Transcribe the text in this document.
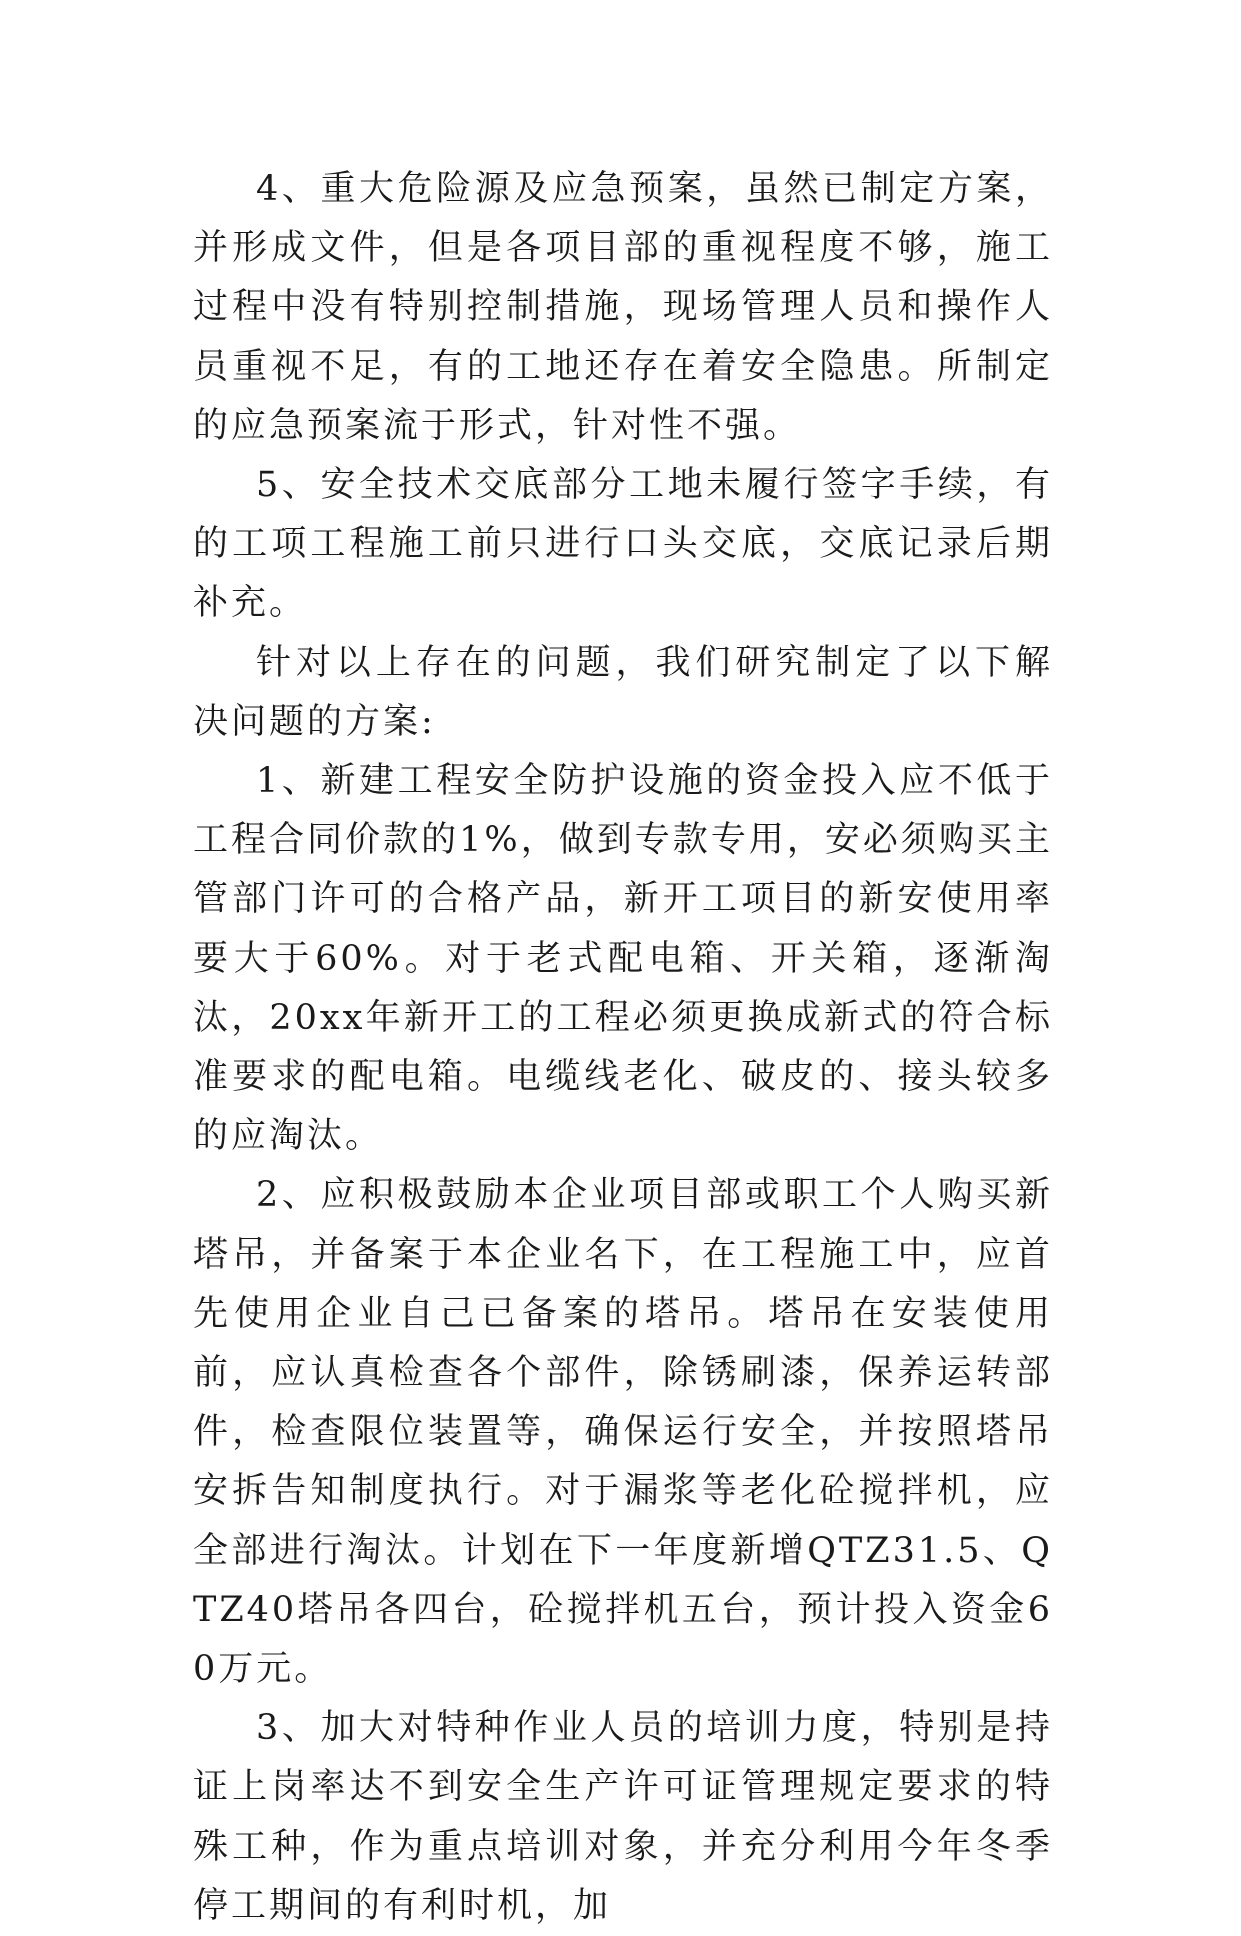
4、重大危险源及应急预案，虽然已制定方案，并形成文件，但是各项目部的重视程度不够，施工过程中没有特别控制措施，现场管理人员和操作人员重视不足，有的工地还存在着安全隐患。所制定的应急预案流于形式，针对性不强。

5、安全技术交底部分工地未履行签字手续，有的工项工程施工前只进行口头交底，交底记录后期补充。

针对以上存在的问题，我们研究制定了以下解决问题的方案:

1、新建工程安全防护设施的资金投入应不低于工程合同价款的1%，做到专款专用，安必须购买主管部门许可的合格产品，新开工项目的新安使用率要大于60%。对于老式配电箱、开关箱，逐渐淘汰，20xx年新开工的工程必须更换成新式的符合标准要求的配电箱。电缆线老化、破皮的、接头较多的应淘汰。

2、应积极鼓励本企业项目部或职工个人购买新塔吊，并备案于本企业名下，在工程施工中，应首先使用企业自己已备案的塔吊。塔吊在安装使用前，应认真检查各个部件，除锈刷漆，保养运转部件，检查限位装置等，确保运行安全，并按照塔吊安拆告知制度执行。对于漏浆等老化砼搅拌机，应全部进行淘汰。计划在下一年度新增QTZ31.5、QTZ40塔吊各四台，砼搅拌机五台，预计投入资金60万元。

3、加大对特种作业人员的培训力度，特别是持证上岗率达不到安全生产许可证管理规定要求的特殊工种，作为重点培训对象，并充分利用今年冬季停工期间的有利时机，加
